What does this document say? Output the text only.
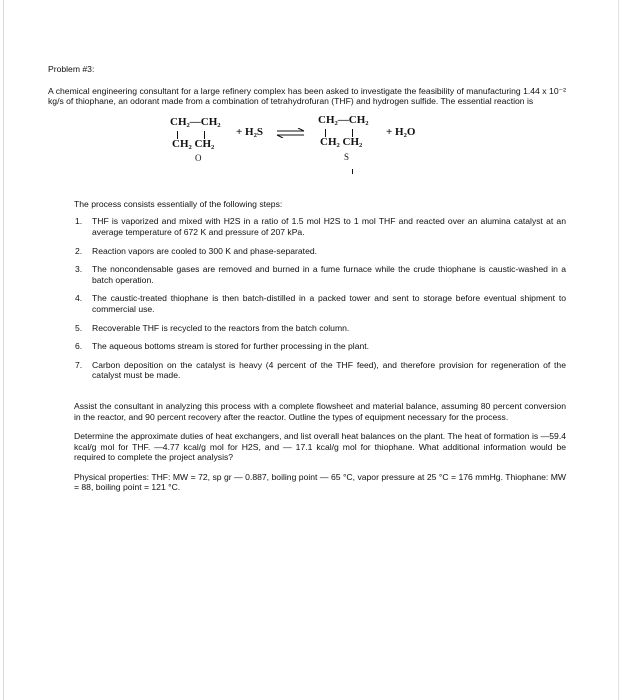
Problem #3:

A chemical engineering consultant for a large refinery complex has been asked to investigate the feasibility of manufacturing 1.44 x 10⁻² kg/s of thiophane, an odorant made from a combination of tetrahydrofuran (THF) and hydrogen sulfide. The essential reaction is

CH₂—CH₂
CH₂ CH₂
O
+ H₂S ⇌
CH₂—CH₂
CH₂ CH₂
S
+ H₂O

The process consists essentially of the following steps:

1. THF is vaporized and mixed with H2S in a ratio of 1.5 mol H2S to 1 mol THF and reacted over an alumina catalyst at an average temperature of 672 K and pressure of 207 kPa.
2. Reaction vapors are cooled to 300 K and phase-separated.
3. The noncondensable gases are removed and burned in a fume furnace while the crude thiophane is caustic-washed in a batch operation.
4. The caustic-treated thiophane is then batch-distilled in a packed tower and sent to storage before eventual shipment to commercial use.
5. Recoverable THF is recycled to the reactors from the batch column.
6. The aqueous bottoms stream is stored for further processing in the plant.
7. Carbon deposition on the catalyst is heavy (4 percent of the THF feed), and therefore provision for regeneration of the catalyst must be made.

Assist the consultant in analyzing this process with a complete flowsheet and material balance, assuming 80 percent conversion in the reactor, and 90 percent recovery after the reactor. Outline the types of equipment necessary for the process.

Determine the approximate duties of heat exchangers, and list overall heat balances on the plant. The heat of formation is —59.4 kcal/g mol for THF. —4.77 kcal/g mol for H2S, and — 17.1 kcal/g mol for thiophane. What additional information would be required to complete the project analysis?

Physical properties: THF: MW = 72, sp gr — 0.887, boiling point — 65 °C, vapor pressure at 25 °C = 176 mmHg. Thiophane: MW = 88, boiling point = 121 °C.
